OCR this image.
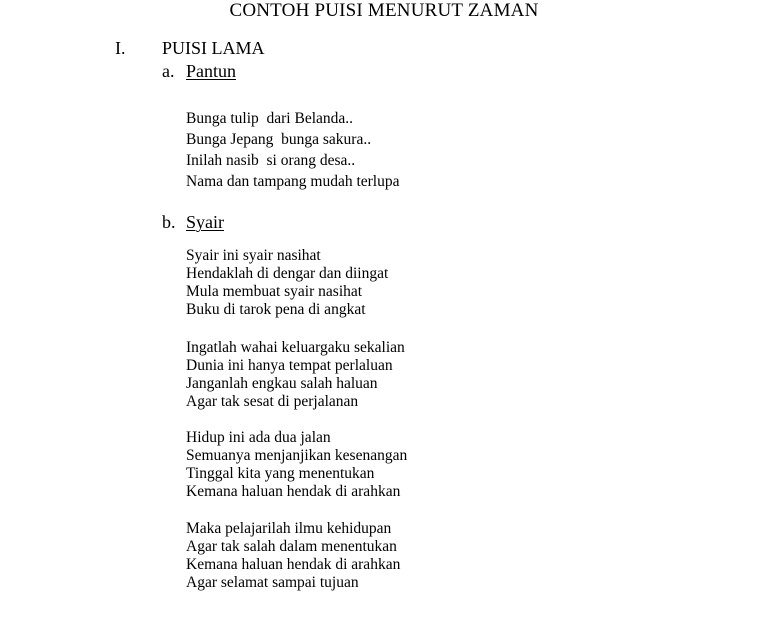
CONTOH PUISI MENURUT ZAMAN
I. PUISI LAMA
a. Pantun
Bunga tulip  dari Belanda..
Bunga Jepang  bunga sakura..
Inilah nasib  si orang desa..
Nama dan tampang mudah terlupa
b. Syair
Syair ini syair nasihat
Hendaklah di dengar dan diingat
Mula membuat syair nasihat
Buku di tarok pena di angkat
Ingatlah wahai keluargaku sekalian
Dunia ini hanya tempat perlaluan
Janganlah engkau salah haluan
Agar tak sesat di perjalanan
Hidup ini ada dua jalan
Semuanya menjanjikan kesenangan
Tinggal kita yang menentukan
Kemana haluan hendak di arahkan
Maka pelajarilah ilmu kehidupan
Agar tak salah dalam menentukan
Kemana haluan hendak di arahkan
Agar selamat sampai tujuan
